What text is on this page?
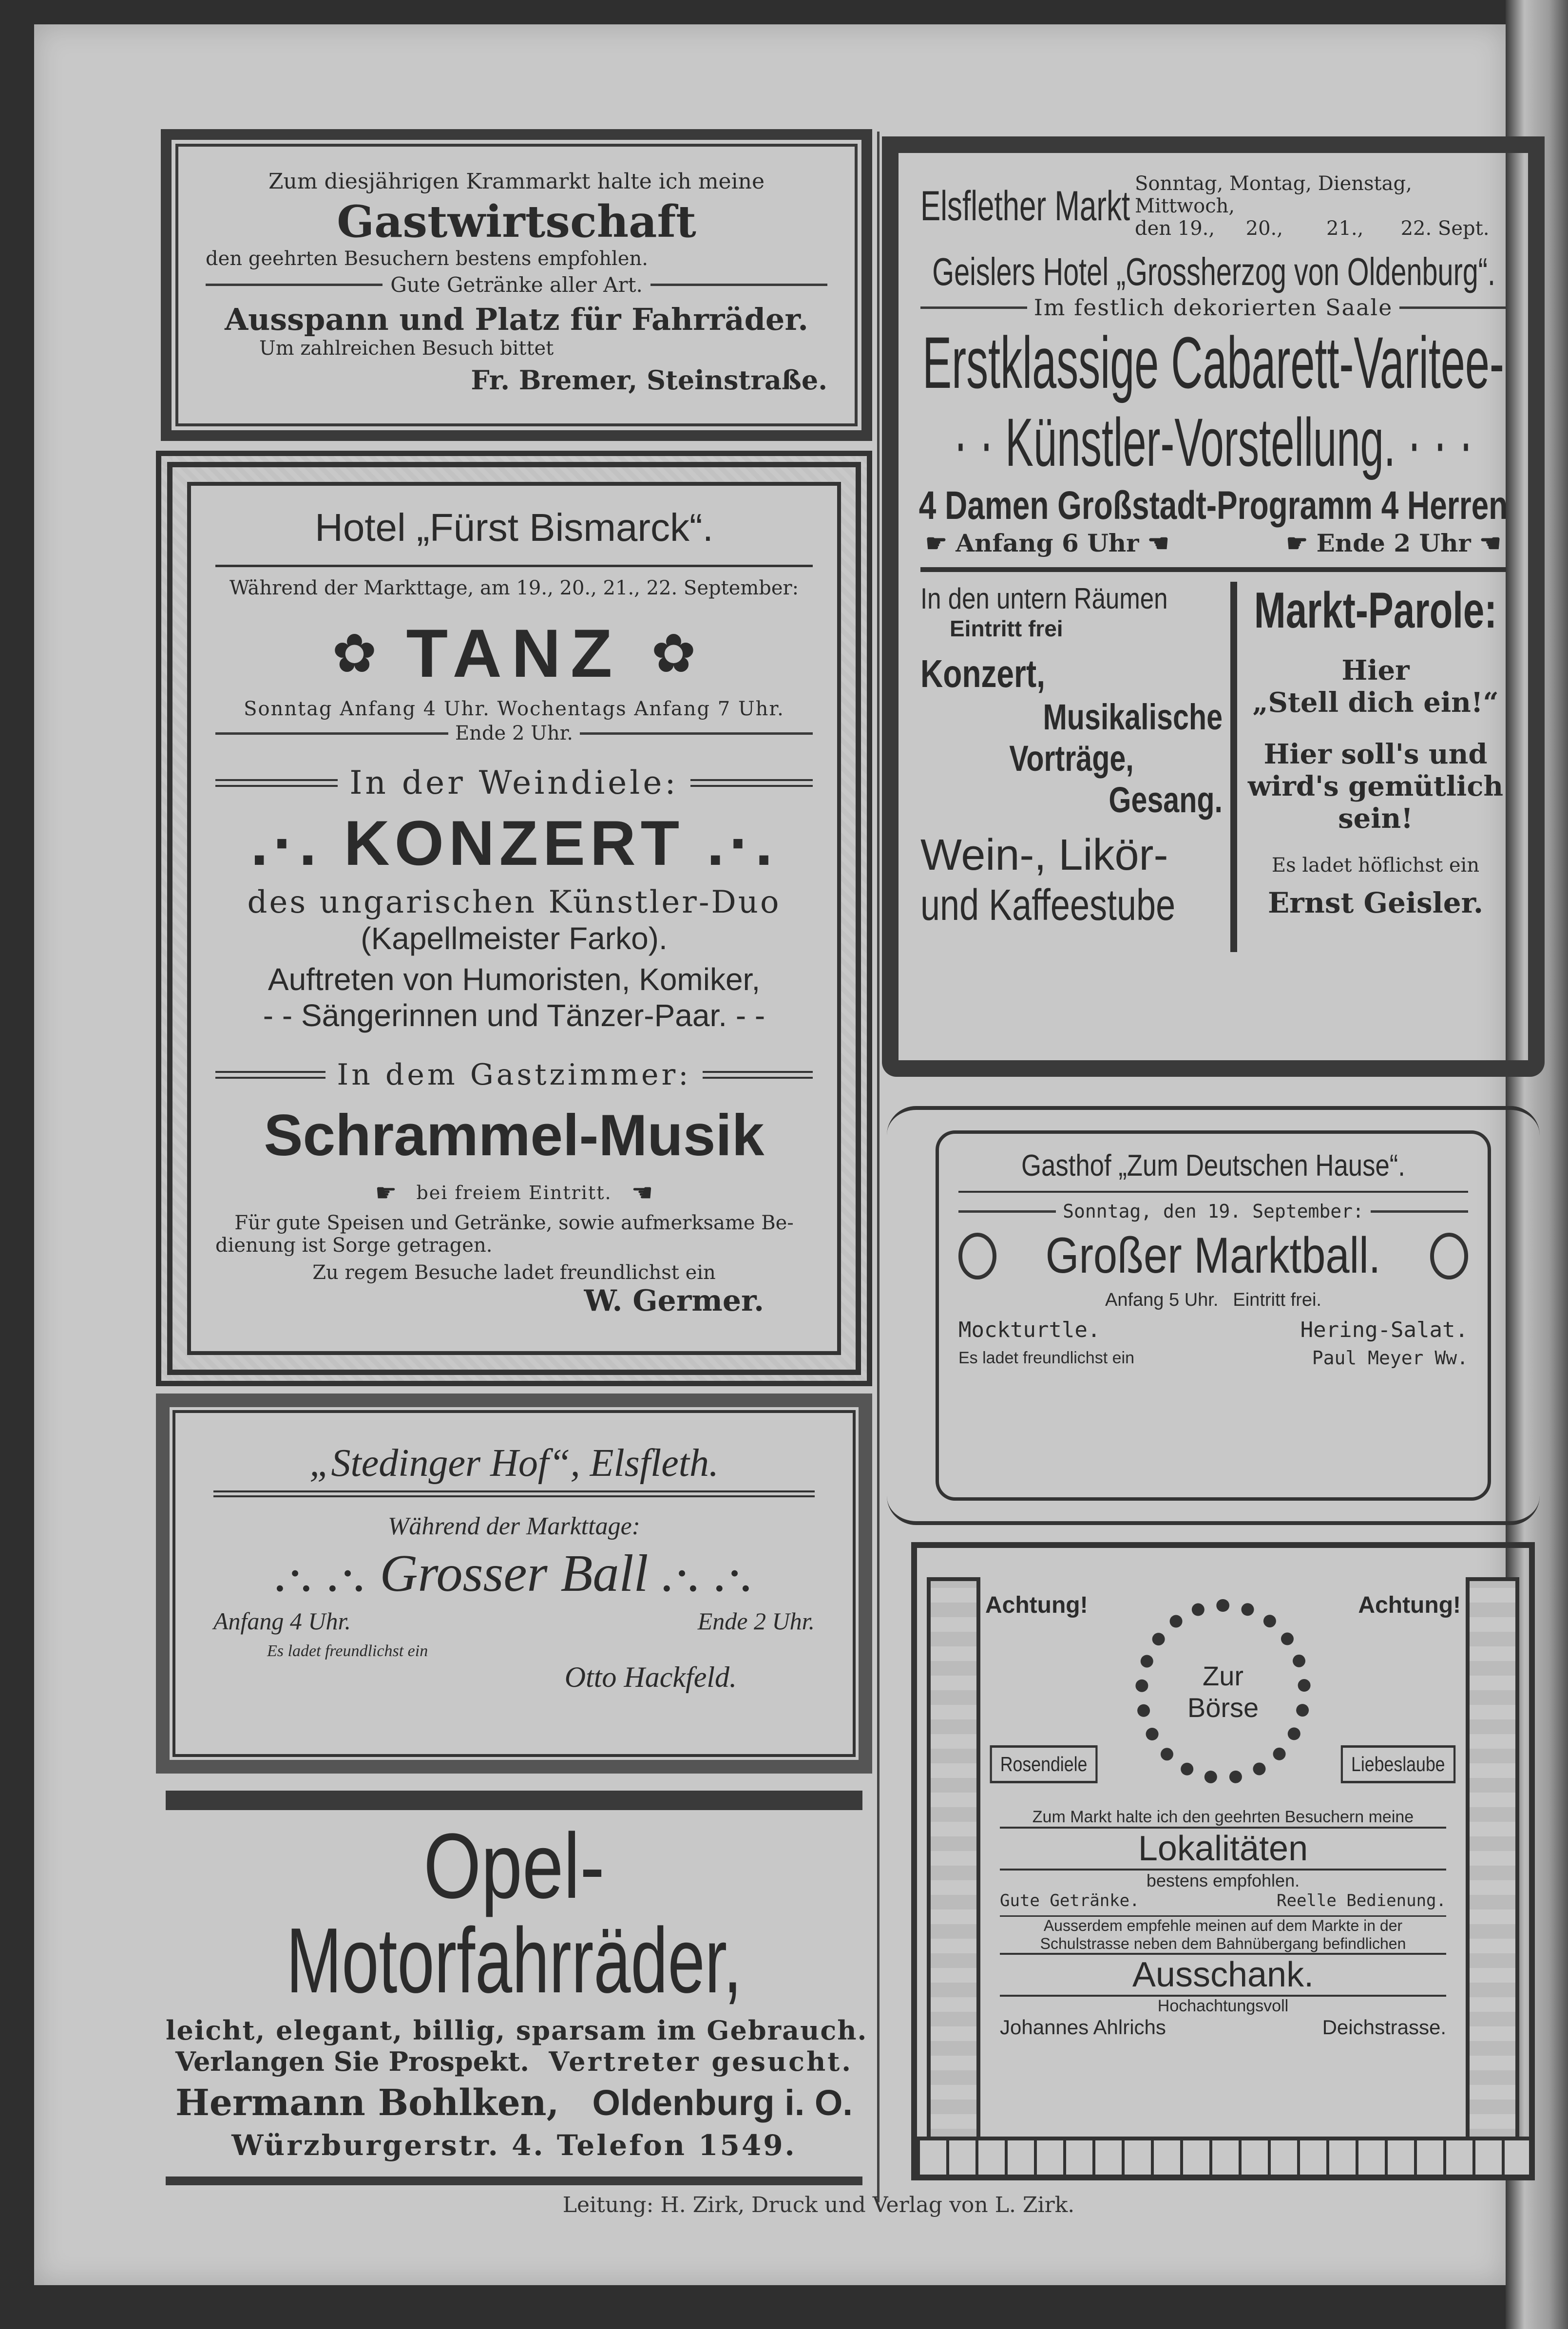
Zum diesjährigen Krammarkt halte ich meine
Gastwirtschaft
den geehrten Besuchern bestens empfohlen.
Gute Getränke aller Art.
Ausspann und Platz für Fahrräder.
Um zahlreichen Besuch bittet
Fr. Bremer, Steinstraße.
Hotel „Fürst Bismarck“.
Während der Markttage, am 19., 20., 21., 22. September:
✿ TANZ ✿
Sonntag Anfang 4 Uhr. Wochentags Anfang 7 Uhr.
Ende 2 Uhr.
In der Weindiele:
.·. KONZERT .·.
des ungarischen Künstler-Duo
(Kapellmeister Farko).
Auftreten von Humoristen, Komiker,
- - Sängerinnen und Tänzer-Paar. - -
In dem Gastzimmer:
Schrammel-Musik
☛ bei freiem Eintritt. ☚
Für gute Speisen und Getränke, sowie aufmerksame Be-
dienung ist Sorge getragen.
Zu regem Besuche ladet freundlichst ein
W. Germer.
„Stedinger Hof“, Elsfleth.
Während der Markttage:
.·. .·. Grosser Ball .·. .·.
Anfang 4 Uhr.	Ende 2 Uhr.
Es ladet freundlichst ein
Otto Hackfeld.
Opel-
Motorfahrräder,
leicht, elegant, billig, sparsam im Gebrauch.
Verlangen Sie Prospekt. Vertreter gesucht.
Hermann Bohlken, Oldenburg i. O.
Würzburgerstr. 4. Telefon 1549.
Elsflether Markt Sonntag, Montag, Dienstag, Mittwoch,
den 19.,     20.,       21.,      22. Sept.
Geislers Hotel „Grossherzog von Oldenburg“.
Im festlich dekorierten Saale
Erstklassige Cabarett-Varitee-
· · Künstler-Vorstellung. · · ·
4 Damen Großstadt-Programm 4 Herren
☛ Anfang 6 Uhr ☚	☛ Ende 2 Uhr ☚
In den untern Räumen
Eintritt frei
Konzert,
Musikalische
Vorträge,
Gesang.
Wein-, Likör-
und Kaffeestube
Markt-Parole:
Hier
„Stell dich ein!“
Hier soll's und
wird's gemütlich
sein!
Es ladet höflichst ein
Ernst Geisler.
Gasthof „Zum Deutschen Hause“.
Sonntag, den 19. September:
Großer Marktball.
Anfang 5 Uhr. Eintritt frei.
Mockturtle.	Hering-Salat.
Es ladet freundlichst ein	Paul Meyer Ww.
Achtung!	Achtung!
Zur
Börse
Rosendiele	Liebeslaube
Zum Markt halte ich den geehrten Besuchern meine
Lokalitäten
bestens empfohlen.
Gute Getränke.	Reelle Bedienung.
Ausserdem empfehle meinen auf dem Markte in der
Schulstrasse neben dem Bahnübergang befindlichen
Ausschank.
Hochachtungsvoll
Johannes Ahlrichs	Deichstrasse.
Leitung: H. Zirk, Druck und Verlag von L. Zirk.
